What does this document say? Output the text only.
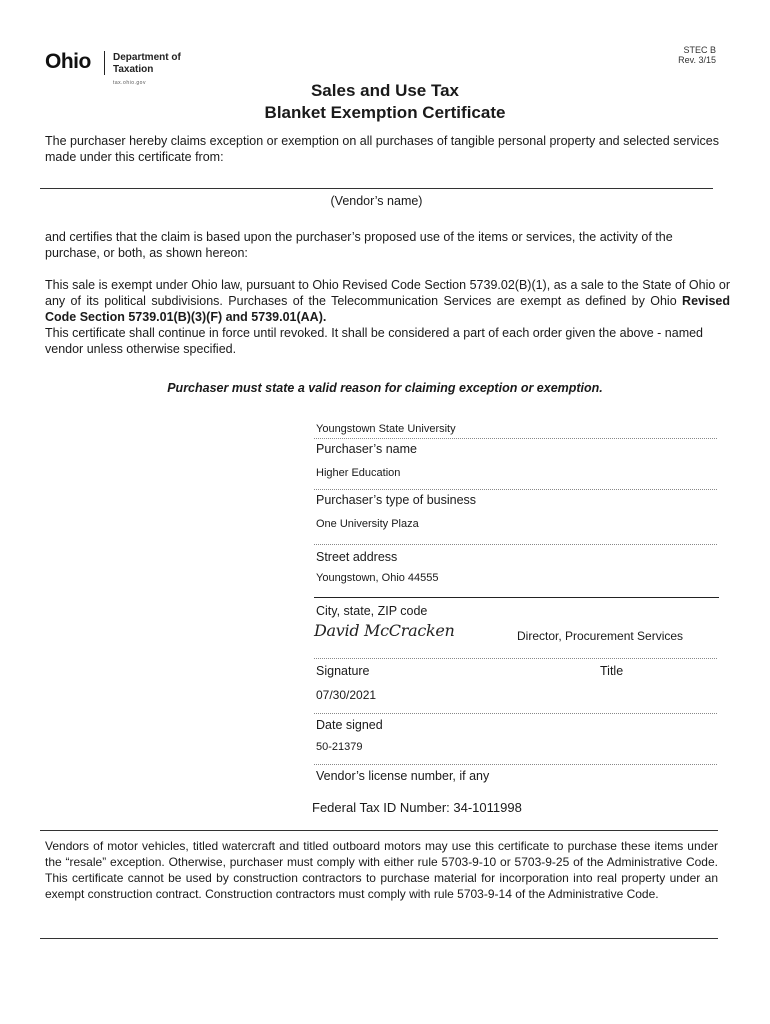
Ohio Department of
Taxation
tax.ohio.gov
STEC B
Rev. 3/15
Sales and Use Tax
Blanket Exemption Certificate
The purchaser hereby claims exception or exemption on all purchases of tangible personal property and selected services made under this certificate from:
(Vendor’s name)
and certifies that the claim is based upon the purchaser’s proposed use of the items or services, the activity of the purchase, or both, as shown hereon:
This sale is exempt under Ohio law, pursuant to Ohio Revised Code Section 5739.02(B)(1), as a sale to the State of Ohio or any of its political subdivisions. Purchases of the Telecommunication Services are exempt as defined by Ohio Revised Code Section 5739.01(B)(3)(F) and 5739.01(AA).
This certificate shall continue in force until revoked. It shall be considered a part of each order given the above - named vendor unless otherwise specified.
Purchaser must state a valid reason for claiming exception or exemption.
Youngstown State University
Purchaser’s name
Higher Education
Purchaser’s type of business
One University Plaza
Street address
Youngstown, Ohio 44555
City, state, ZIP code
David McCracken	Director, Procurement Services
Signature	Title
07/30/2021
Date signed
50-21379
Vendor’s license number, if any
Federal Tax ID Number: 34-1011998
Vendors of motor vehicles, titled watercraft and titled outboard motors may use this certificate to purchase these items under the “resale” exception. Otherwise, purchaser must comply with either rule 5703-9-10 or 5703-9-25 of the Administrative Code. This certificate cannot be used by construction contractors to purchase material for incorporation into real property under an exempt construction contract. Construction contractors must comply with rule 5703-9-14 of the Administrative Code.
